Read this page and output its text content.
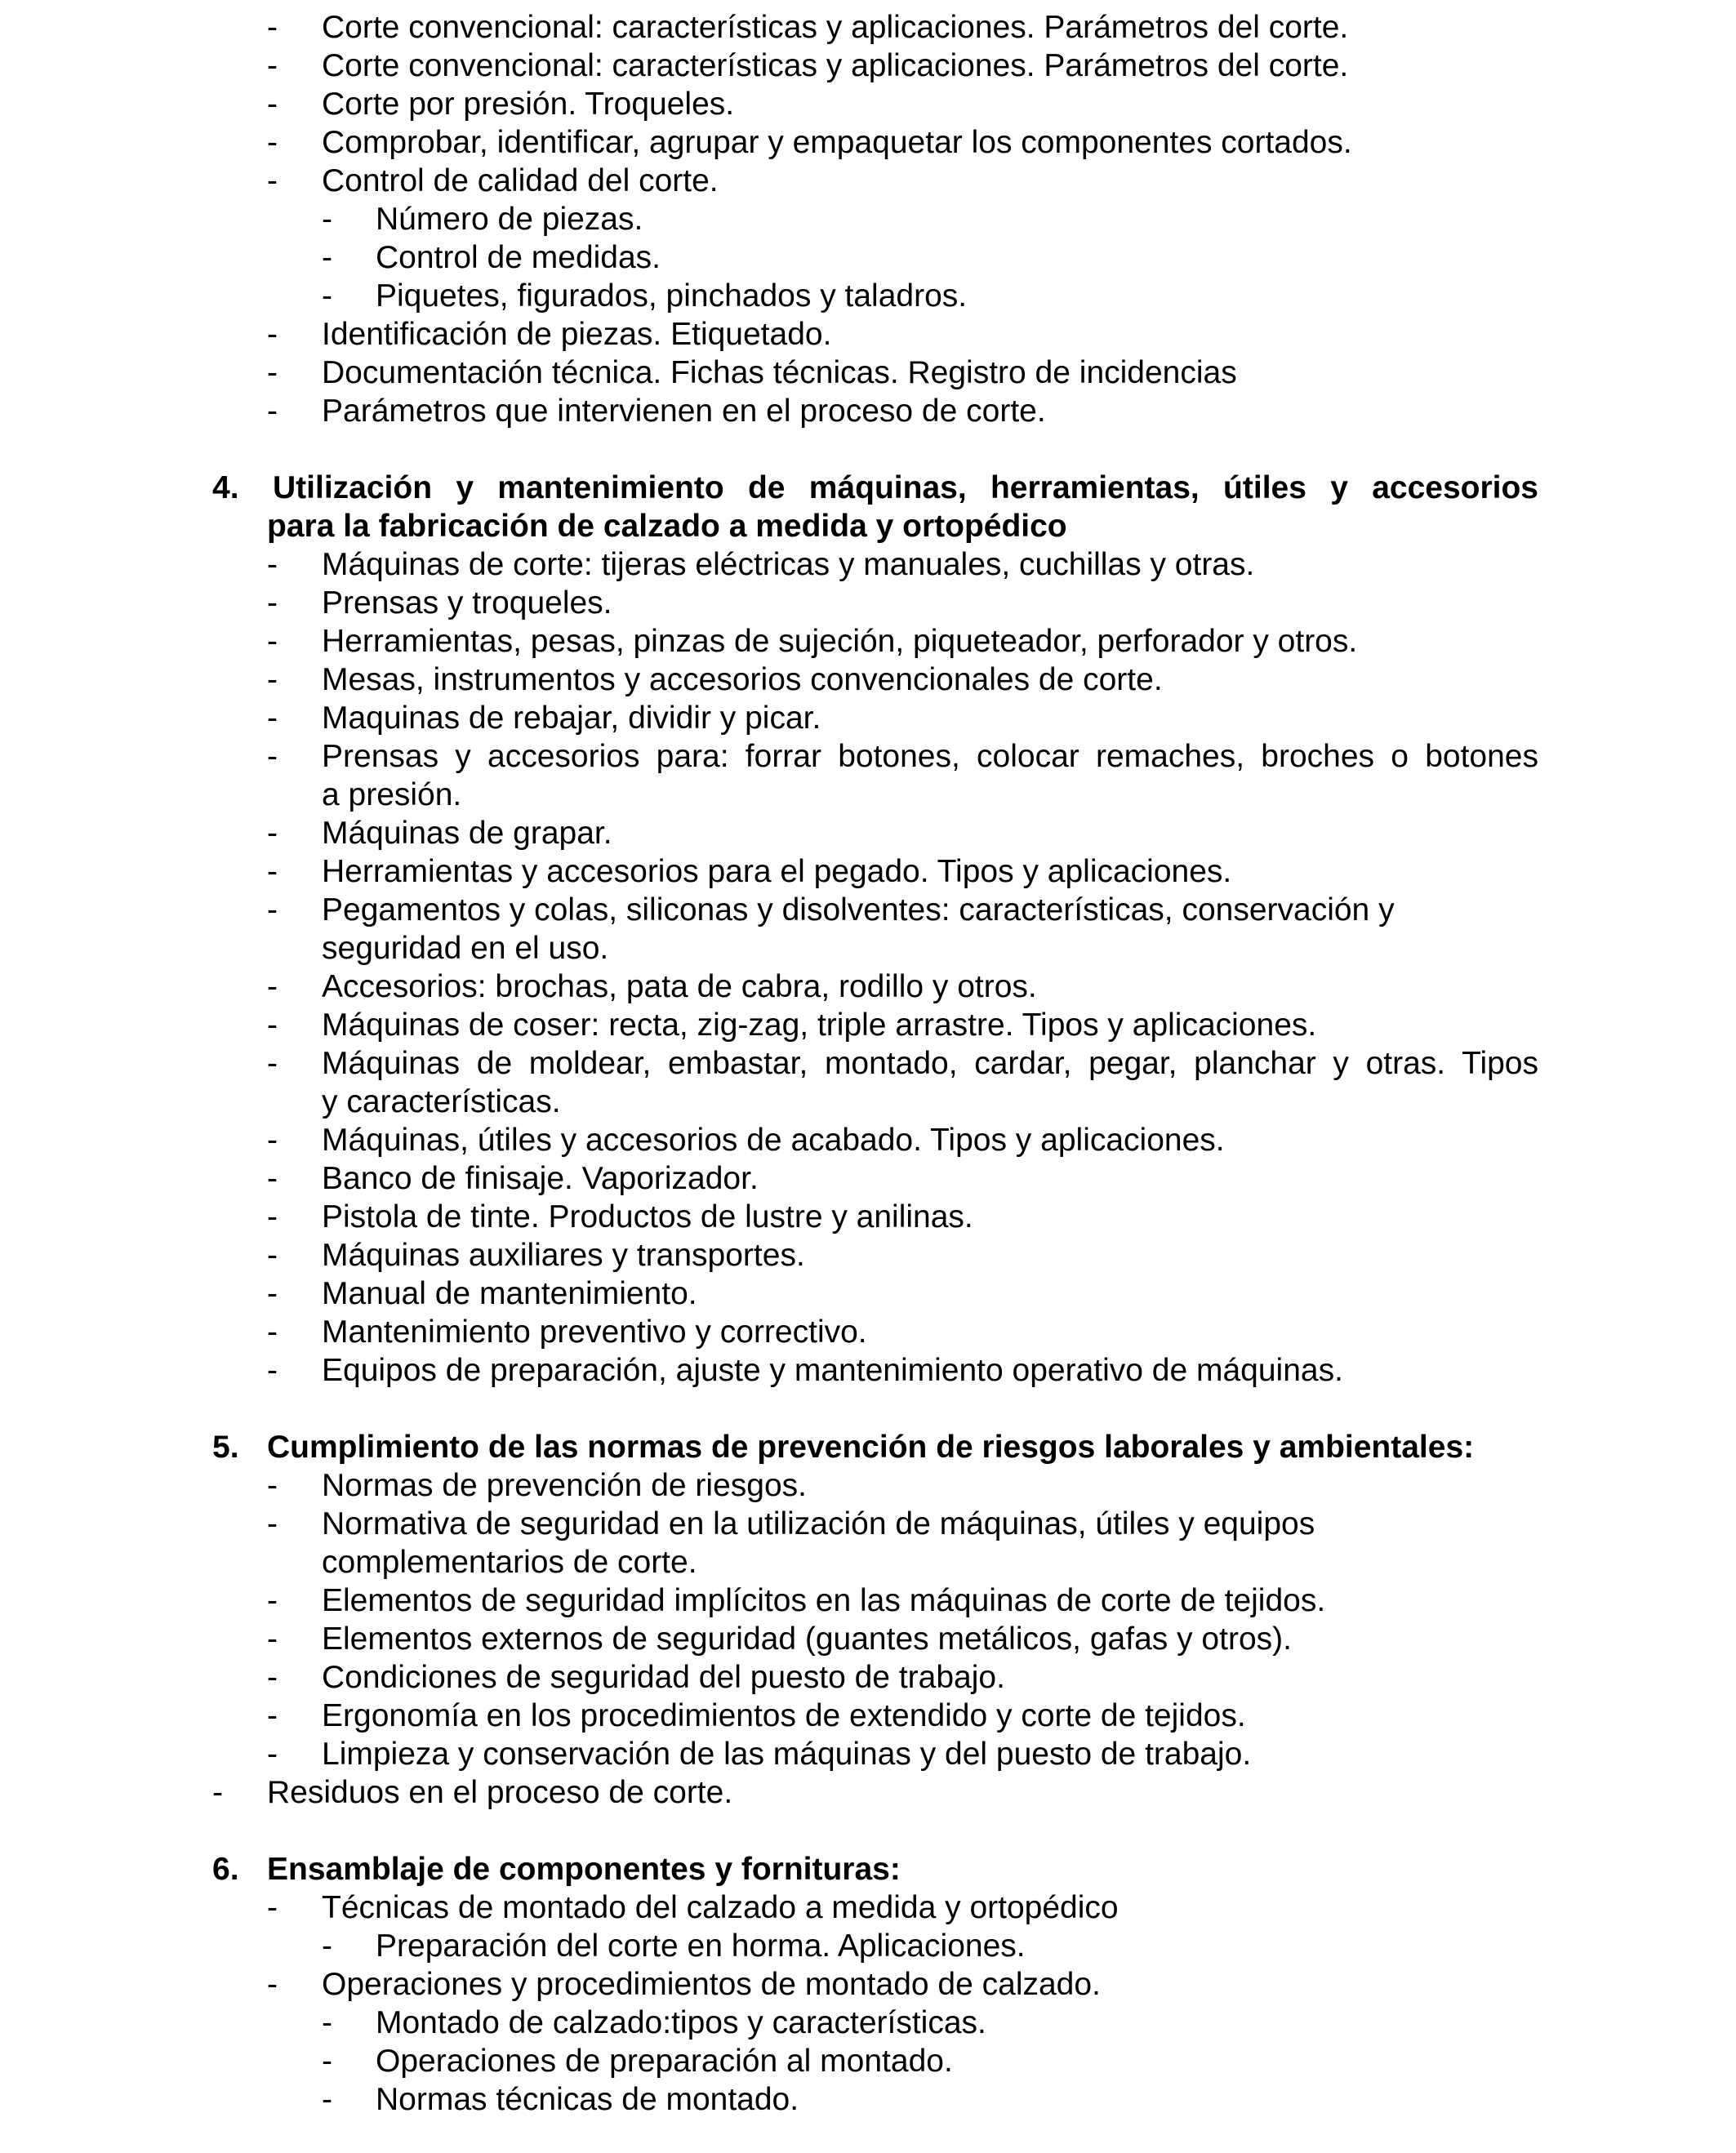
- Corte convencional: características y aplicaciones. Parámetros del corte.
- Corte convencional: características y aplicaciones. Parámetros del corte.
- Corte por presión. Troqueles.
- Comprobar, identificar, agrupar y empaquetar los componentes cortados.
- Control de calidad del corte.
- Número de piezas.
- Control de medidas.
- Piquetes, figurados, pinchados y taladros.
- Identificación de piezas. Etiquetado.
- Documentación técnica. Fichas técnicas. Registro de incidencias
- Parámetros que intervienen en el proceso de corte.
4. Utilización y mantenimiento de máquinas, herramientas, útiles y accesorios
para la fabricación de calzado a medida y ortopédico
- Máquinas de corte: tijeras eléctricas y manuales, cuchillas y otras.
- Prensas y troqueles.
- Herramientas, pesas, pinzas de sujeción, piqueteador, perforador y otros.
- Mesas, instrumentos y accesorios convencionales de corte.
- Maquinas de rebajar, dividir y picar.
- Prensas y accesorios para: forrar botones, colocar remaches, broches o botones
a presión.
- Máquinas de grapar.
- Herramientas y accesorios para el pegado. Tipos y aplicaciones.
- Pegamentos y colas, siliconas y disolventes: características, conservación y
seguridad en el uso.
- Accesorios: brochas, pata de cabra, rodillo y otros.
- Máquinas de coser: recta, zig-zag, triple arrastre. Tipos y aplicaciones.
- Máquinas de moldear, embastar, montado, cardar, pegar, planchar y otras. Tipos
y características.
- Máquinas, útiles y accesorios de acabado. Tipos y aplicaciones.
- Banco de finisaje. Vaporizador.
- Pistola de tinte. Productos de lustre y anilinas.
- Máquinas auxiliares y transportes.
- Manual de mantenimiento.
- Mantenimiento preventivo y correctivo.
- Equipos de preparación, ajuste y mantenimiento operativo de máquinas.
5. Cumplimiento de las normas de prevención de riesgos laborales y ambientales:
- Normas de prevención de riesgos.
- Normativa de seguridad en la utilización de máquinas, útiles y equipos
complementarios de corte.
- Elementos de seguridad implícitos en las máquinas de corte de tejidos.
- Elementos externos de seguridad (guantes metálicos, gafas y otros).
- Condiciones de seguridad del puesto de trabajo.
- Ergonomía en los procedimientos de extendido y corte de tejidos.
- Limpieza y conservación de las máquinas y del puesto de trabajo.
- Residuos en el proceso de corte.
6. Ensamblaje de componentes y fornituras:
- Técnicas de montado del calzado a medida y ortopédico
- Preparación del corte en horma. Aplicaciones.
- Operaciones y procedimientos de montado de calzado.
- Montado de calzado:tipos y características.
- Operaciones de preparación al montado.
- Normas técnicas de montado.
